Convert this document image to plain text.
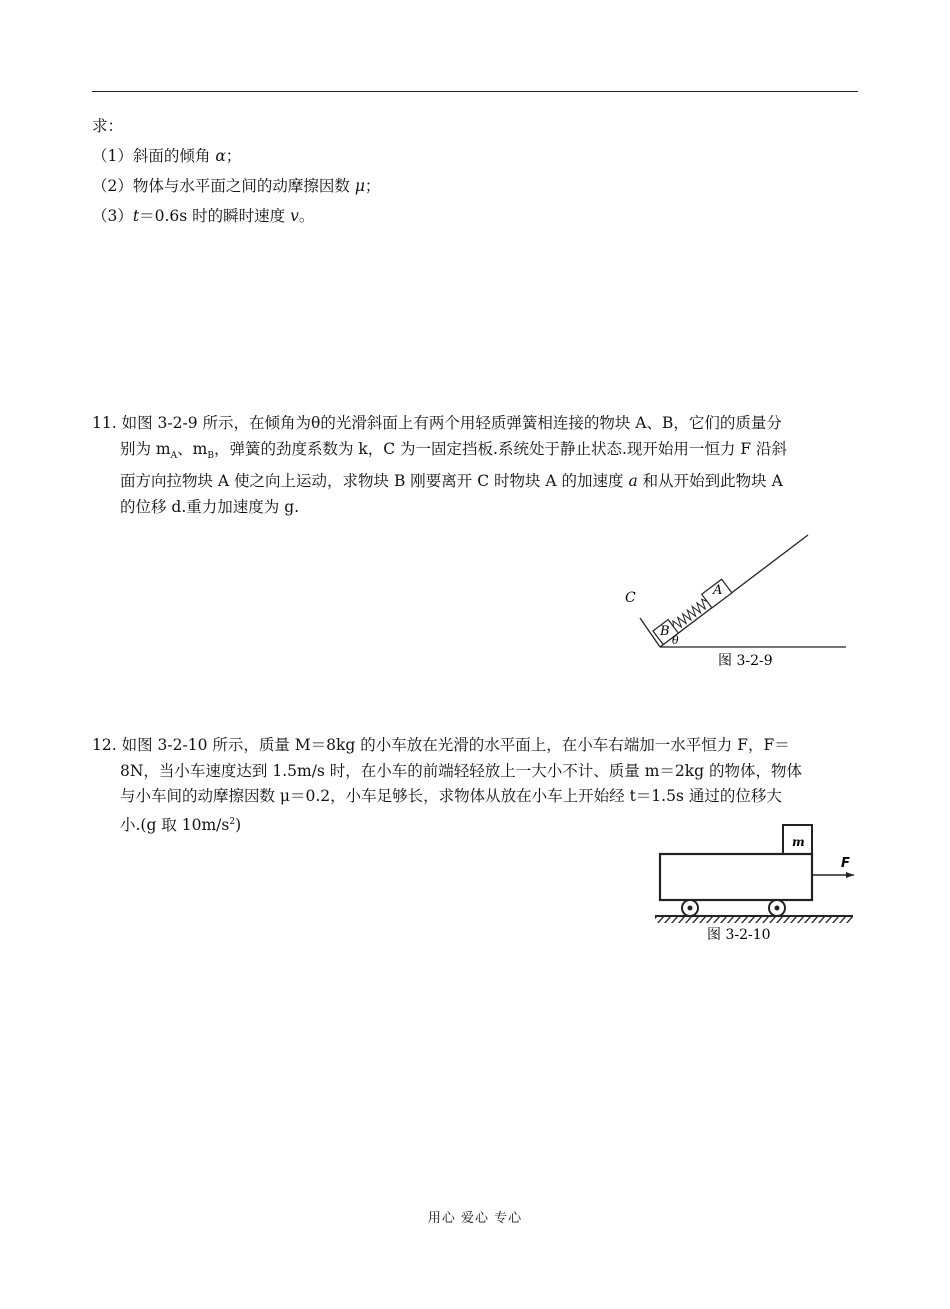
求：
（1）斜面的倾角 α；
（2）物体与水平面之间的动摩擦因数 μ；
（3）t＝0.6s 时的瞬时速度 v。

11. 如图 3-2-9 所示，在倾角为θ的光滑斜面上有两个用轻质弹簧相连接的物块 A、B，它们的质量分

别为 $m_A$、$m_B$，弹簧的劲度系数为 k，C 为一固定挡板.系统处于静止状态.现开始用一恒力 F 沿斜

面方向拉物块 A 使之向上运动，求物块 B 刚要离开 C 时物块 A 的加速度 a 和从开始到此物块 A

的位移 d.重力加速度为 g.

C	A
B
θ
图 3-2-9

12. 如图 3-2-10 所示，质量 M＝8kg 的小车放在光滑的水平面上，在小车右端加一水平恒力 F，F＝

8N，当小车速度达到 1.5m/s 时，在小车的前端轻轻放上一大小不计、质量 m＝2kg 的物体，物体

与小车间的动摩擦因数 μ＝0.2，小车足够长，求物体从放在小车上开始经 t＝1.5s 通过的位移大

小.(g 取 $10m/s^2$)

m
F
图 3-2-10
用心 爱心 专心
